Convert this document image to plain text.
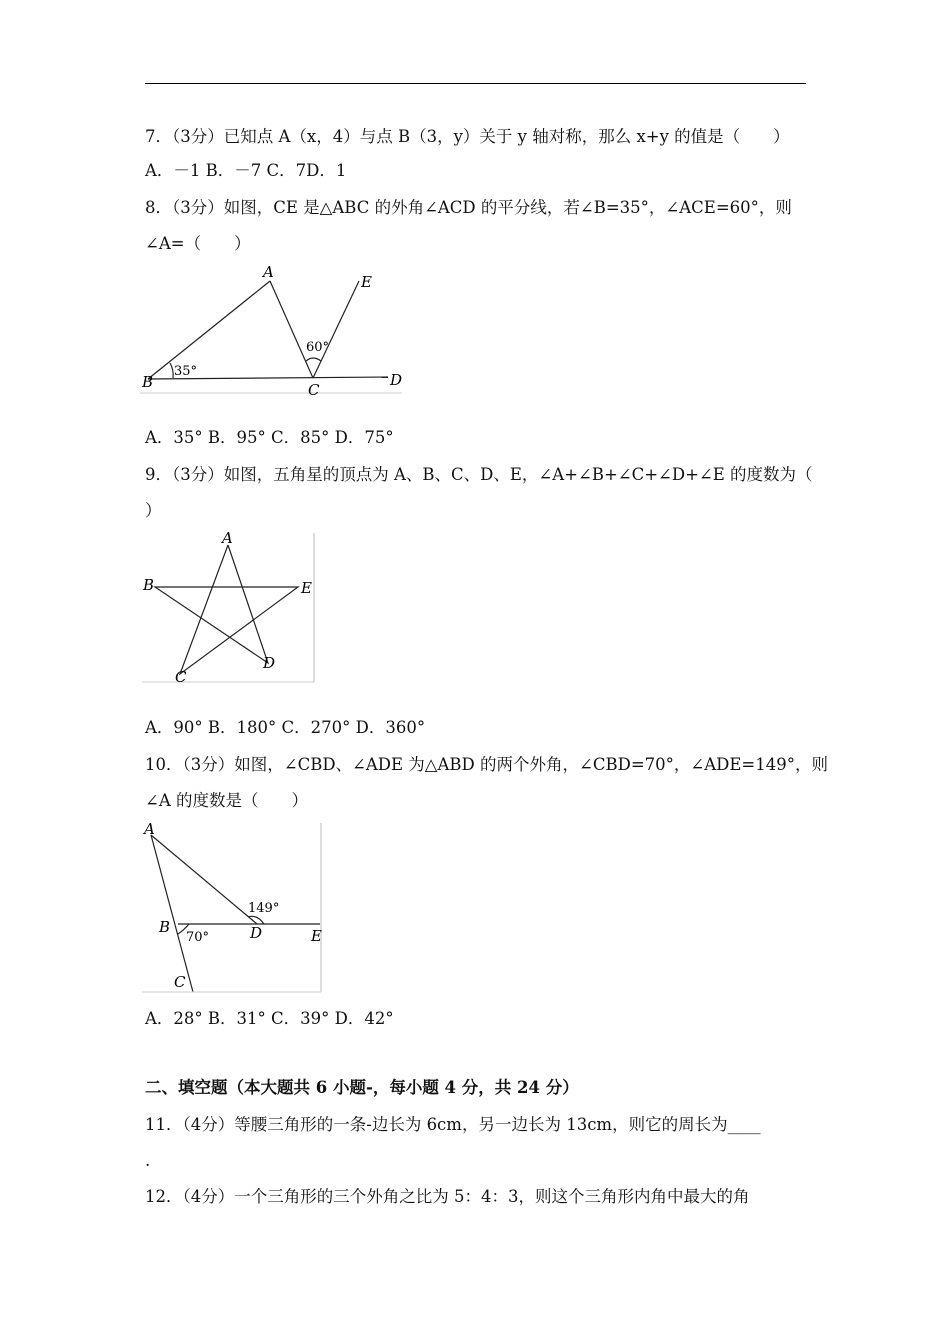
7．（3分）已知点 A（x，4）与点 B（3，y）关于 y 轴对称，那么 x+y 的值是（　　）
A．－1 B．－7 C．7D．1
8．（3分）如图，CE 是△ABC 的外角∠ACD 的平分线，若∠B=35°，∠ACE=60°，则
∠A=（　　）
A
E
B	C
D
35°
60°
A．35° B．95° C．85° D．75°
9．（3分）如图，五角星的顶点为 A、B、C、D、E，∠A+∠B+∠C+∠D+∠E 的度数为（
）
A
B	E
C
D
A．90° B．180° C．270° D．360°
10．（3分）如图，∠CBD、∠ADE 为△ABD 的两个外角，∠CBD=70°，∠ADE=149°，则
∠A 的度数是（　　）
A
B	D	E
C
70°
149°
A．28° B．31° C．39° D．42°
二、填空题（本大题共 6 小题-，每小题 4 分，共 24 分）
11．（4分）等腰三角形的一条-边长为 6cm，另一边长为 13cm，则它的周长为____
.
12．（4分）一个三角形的三个外角之比为 5：4：3，则这个三角形内角中最大的角
